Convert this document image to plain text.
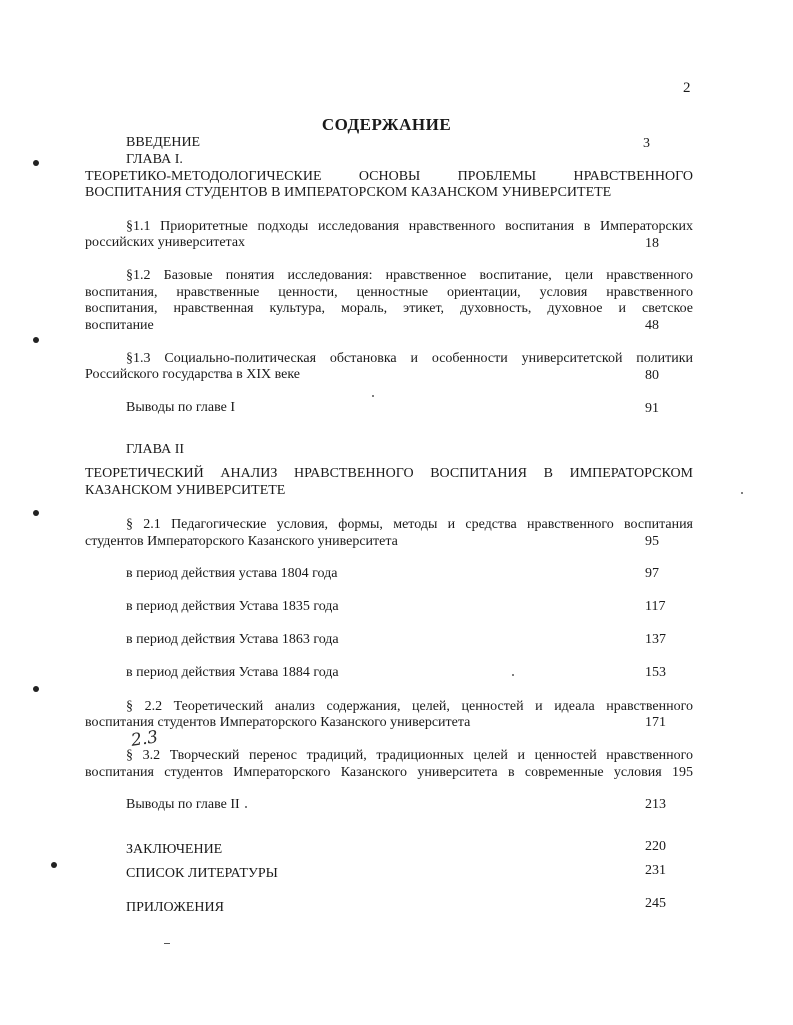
2
СОДЕРЖАНИЕ
ВВЕДЕНИЕ	3
ГЛАВА I.
ТЕОРЕТИКО-МЕТОДОЛОГИЧЕСКИЕ ОСНОВЫ ПРОБЛЕМЫ НРАВСТВЕННОГО
ВОСПИТАНИЯ СТУДЕНТОВ В ИМПЕРАТОРСКОМ КАЗАНСКОМ УНИВЕРСИТЕТЕ
§1.1 Приоритетные подходы исследования нравственного воспитания в Императорских
российских университетах	18
§1.2 Базовые понятия исследования: нравственное воспитание, цели нравственного
воспитания, нравственные ценности, ценностные ориентации, условия нравственного
воспитания, нравственная культура, мораль, этикет, духовность, духовное и светское
воспитание	48
§1.3 Социально-политическая обстановка и особенности университетской политики
Российского государства в XIX веке	80
Выводы по главе I	91
ГЛАВА II
ТЕОРЕТИЧЕСКИЙ АНАЛИЗ НРАВСТВЕННОГО ВОСПИТАНИЯ В ИМПЕРАТОРСКОМ
КАЗАНСКОМ УНИВЕРСИТЕТЕ
§ 2.1 Педагогические условия, формы, методы и средства нравственного воспитания
студентов Императорского Казанского университета	95
в период действия устава 1804 года	97
в период действия Устава 1835 года	117
в период действия Устава 1863 года	137
в период действия Устава 1884 года	153
§ 2.2 Теоретический анализ содержания, целей, ценностей и идеала нравственного
воспитания студентов Императорского Казанского университета	171
2.3
§ 3.2 Творческий перенос традиций, традиционных целей и ценностей нравственного
воспитания студентов Императорского Казанского университета в современные условия 195
Выводы по главе II	213
ЗАКЛЮЧЕНИЕ	220
СПИСОК ЛИТЕРАТУРЫ	231
ПРИЛОЖЕНИЯ	245
